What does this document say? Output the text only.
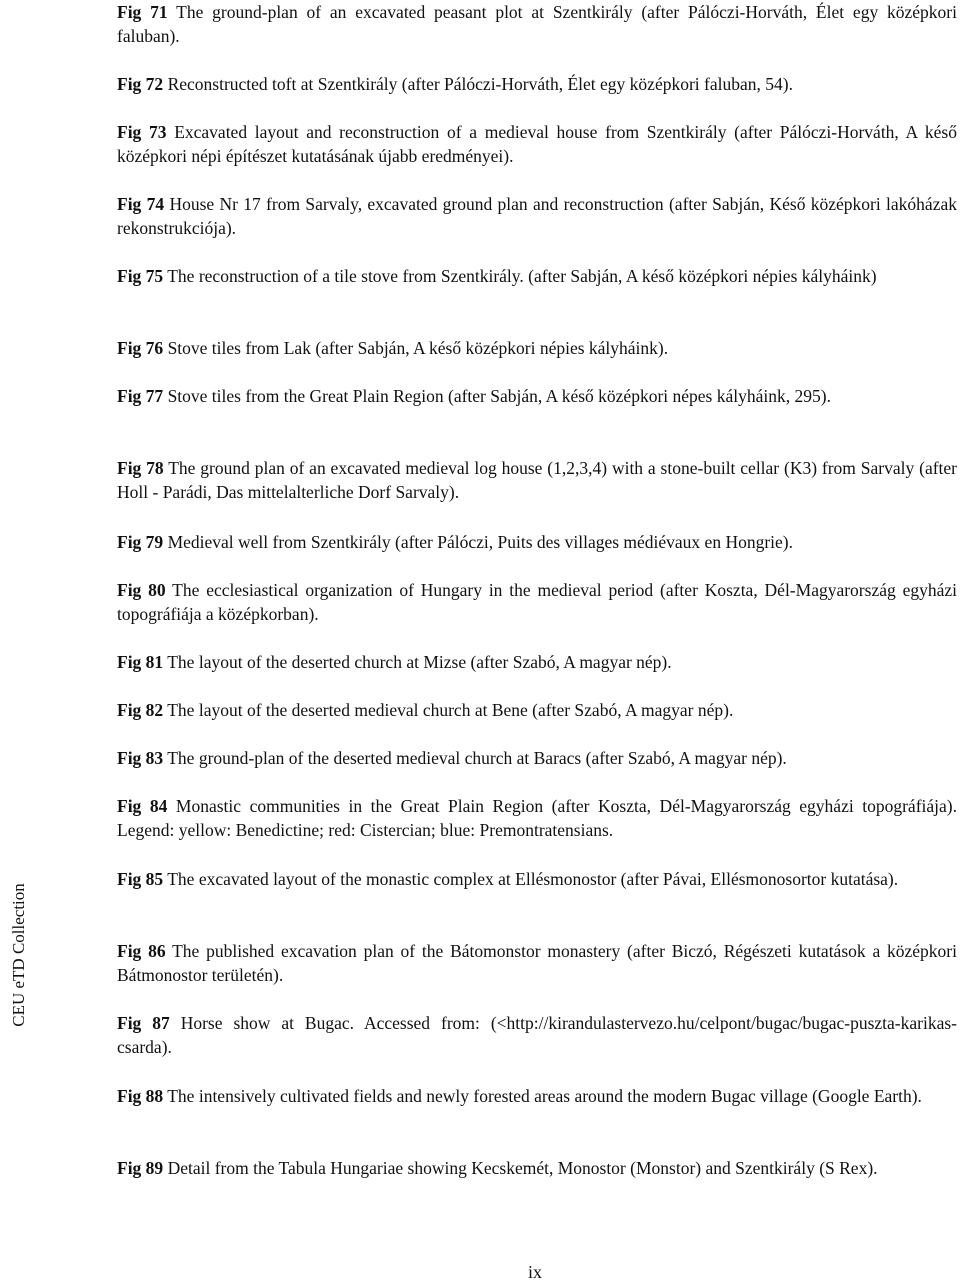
Fig 71 The ground-plan of an excavated peasant plot at Szentkirály (after Pálóczi-Horváth, Élet egy középkori faluban).

Fig 72 Reconstructed toft at Szentkirály (after Pálóczi-Horváth, Élet egy középkori faluban, 54).

Fig 73 Excavated layout and reconstruction of a medieval house from Szentkirály (after Pálóczi-Horváth, A késő középkori népi építészet kutatásának újabb eredményei).

Fig 74 House Nr 17 from Sarvaly, excavated ground plan and reconstruction (after Sabján, Késő középkori lakóházak rekonstrukciója).

Fig 75 The reconstruction of a tile stove from Szentkirály. (after Sabján, A késő középkori népies kályháink)

Fig 76 Stove tiles from Lak (after Sabján, A késő középkori népies kályháink).

Fig 77 Stove tiles from the Great Plain Region (after Sabján, A késő középkori népes kályháink, 295).

Fig 78 The ground plan of an excavated medieval log house (1,2,3,4) with a stone-built cellar (K3) from Sarvaly (after Holl - Parádi, Das mittelalterliche Dorf Sarvaly).

Fig 79 Medieval well from Szentkirály (after Pálóczi, Puits des villages médiévaux en Hongrie).

Fig 80 The ecclesiastical organization of Hungary in the medieval period (after Koszta, Dél-Magyarország egyházi topográfiája a középkorban).

Fig 81 The layout of the deserted church at Mizse (after Szabó, A magyar nép).

Fig 82 The layout of the deserted medieval church at Bene (after Szabó, A magyar nép).

Fig 83 The ground-plan of the deserted medieval church at Baracs (after Szabó, A magyar nép).

Fig 84 Monastic communities in the Great Plain Region (after Koszta, Dél-Magyarország egyházi topográfiája). Legend: yellow: Benedictine; red: Cistercian; blue: Premontratensians.

Fig 85 The excavated layout of the monastic complex at Ellésmonostor (after Pávai, Ellésmonosortor kutatása).

Fig 86 The published excavation plan of the Bátomonstor monastery (after Biczó, Régészeti kutatások a középkori Bátmonostor területén).

Fig 87 Horse show at Bugac. Accessed from: (<http://kirandulastervezo.hu/celpont/bugac/bugac-puszta-karikas-csarda).

Fig 88 The intensively cultivated fields and newly forested areas around the modern Bugac village (Google Earth).

Fig 89 Detail from the Tabula Hungariae showing Kecskemét, Monostor (Monstor) and Szentkirály (S Rex).

CEU eTD Collection
ix
